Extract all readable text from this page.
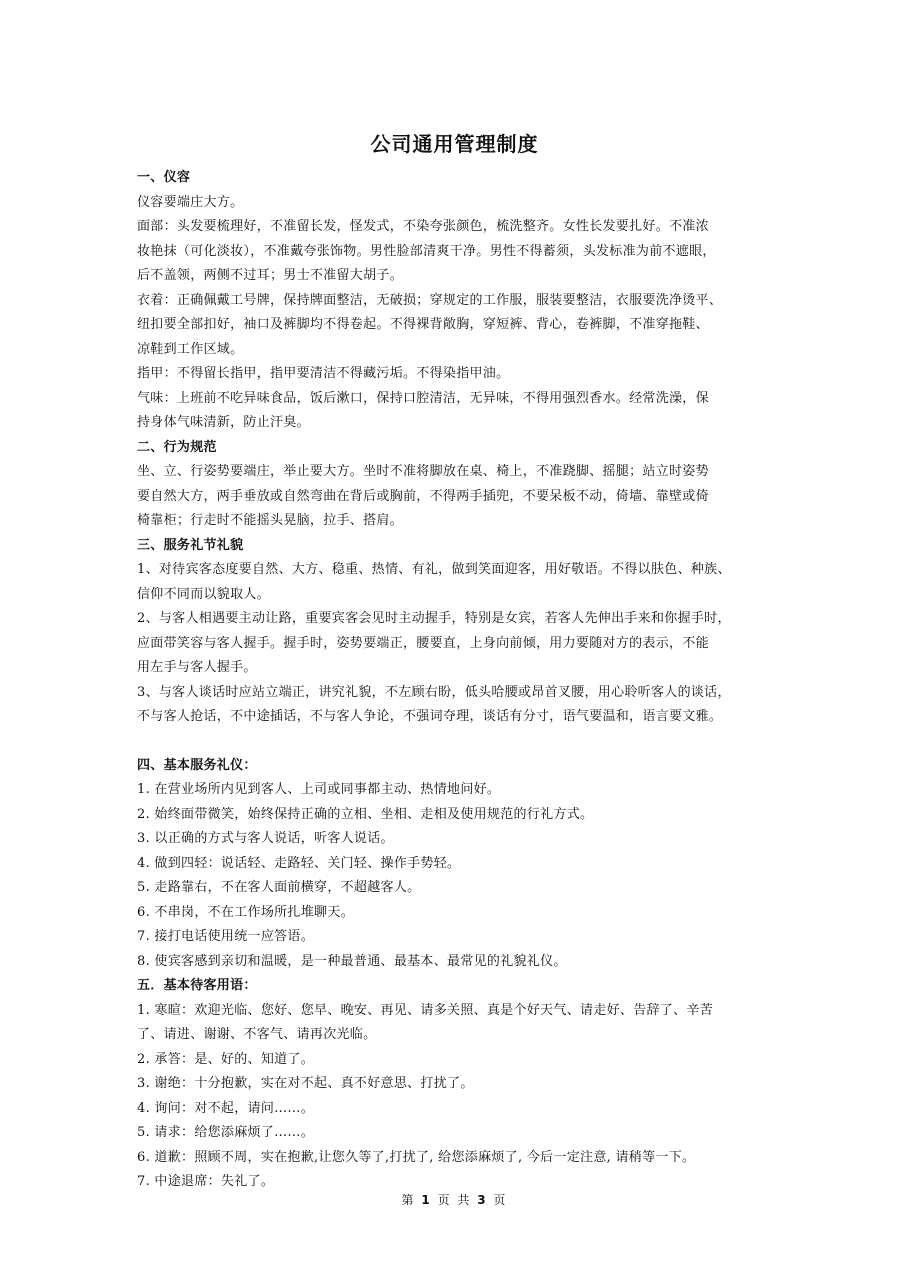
公司通用管理制度
一、仪容
仪容要端庄大方。
面部：头发要梳理好，不准留长发，怪发式，不染夸张颜色，梳洗整齐。女性长发要扎好。不准浓
妆艳抹（可化淡妆），不准戴夸张饰物。男性脸部清爽干净。男性不得蓄须，头发标准为前不遮眼，
后不盖领，两侧不过耳；男士不准留大胡子。
衣着：正确佩戴工号牌，保持牌面整洁，无破损；穿规定的工作服，服装要整洁，衣服要洗净烫平、
纽扣要全部扣好，袖口及裤脚均不得卷起。不得裸背敞胸，穿短裤、背心，卷裤脚，不准穿拖鞋、
凉鞋到工作区域。
指甲：不得留长指甲，指甲要清洁不得藏污垢。不得染指甲油。
气味：上班前不吃异味食品，饭后漱口，保持口腔清洁，无异味，不得用强烈香水。经常洗澡，保
持身体气味清新，防止汗臭。
二、行为规范
坐、立、行姿势要端庄，举止要大方。坐时不准将脚放在桌、椅上，不准跷脚、摇腿；站立时姿势
要自然大方，两手垂放或自然弯曲在背后或胸前，不得两手插兜，不要呆板不动，倚墙、靠壁或倚
椅靠柜；行走时不能摇头晃脑，拉手、搭肩。
三、服务礼节礼貌
1、对待宾客态度要自然、大方、稳重、热情、有礼，做到笑面迎客，用好敬语。不得以肤色、种族、
信仰不同而以貌取人。
2、与客人相遇要主动让路，重要宾客会见时主动握手，特别是女宾，若客人先伸出手来和你握手时，
应面带笑容与客人握手。握手时，姿势要端正，腰要直，上身向前倾，用力要随对方的表示，不能
用左手与客人握手。
3、与客人谈话时应站立端正，讲究礼貌，不左顾右盼，低头哈腰或昂首叉腰，用心聆听客人的谈话，
不与客人抢话，不中途插话，不与客人争论，不强词夺理，谈话有分寸，语气要温和，语言要文雅。
四、基本服务礼仪：
1. 在营业场所内见到客人、上司或同事都主动、热情地问好。
2. 始终面带微笑，始终保持正确的立相、坐相、走相及使用规范的行礼方式。
3. 以正确的方式与客人说话，听客人说话。
4. 做到四轻：说话轻、走路轻、关门轻、操作手势轻。
5. 走路靠右，不在客人面前横穿，不超越客人。
6. 不串岗，不在工作场所扎堆聊天。
7. 接打电话使用统一应答语。
8. 使宾客感到亲切和温暖，是一种最普通、最基本、最常见的礼貌礼仪。
五．基本待客用语：
1. 寒暄：欢迎光临、您好、您早、晚安、再见、请多关照、真是个好天气、请走好、告辞了、辛苦
了、请进、谢谢、不客气、请再次光临。
2. 承答：是、好的、知道了。
3. 谢绝：十分抱歉，实在对不起、真不好意思、打扰了。
4. 询问：对不起，请问……。
5. 请求：给您添麻烦了……。
6. 道歉：照顾不周，实在抱歉,让您久等了,打扰了, 给您添麻烦了, 今后一定注意, 请稍等一下。
7. 中途退席：失礼了。
第 1 页 共 3 页
